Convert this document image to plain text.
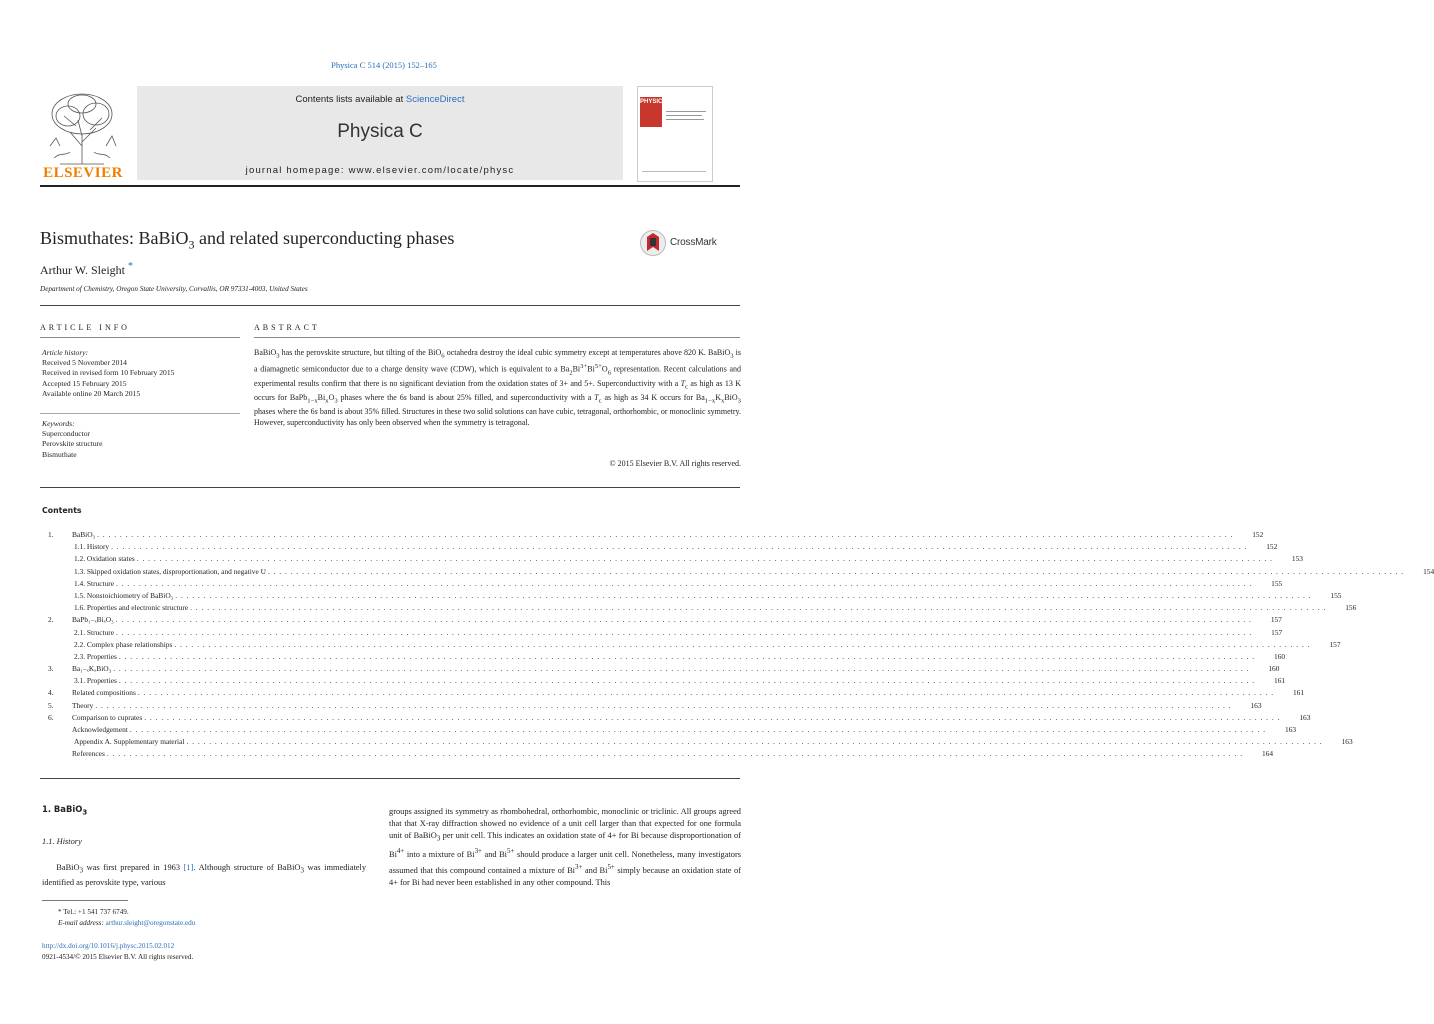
Physica C 514 (2015) 152–165
Contents lists available at ScienceDirect
Physica C
journal homepage: www.elsevier.com/locate/physc
ELSEVIER
PHYSICA
Bismuthates: BaBiO$_3$ and related superconducting phases	CrossMark
Arthur W. Sleight *
Department of Chemistry, Oregon State University, Corvallis, OR 97331-4003, United States
ARTICLE INFO	ABSTRACT
Article history:
Received 5 November 2014
Received in revised form 10 February 2015
Accepted 15 February 2015
Available online 20 March 2015
Keywords:
Superconductor
Perovskite structure
Bismuthate
BaBiO$_3$ has the perovskite structure, but tilting of the BiO$_6$ octahedra destroy the ideal cubic symmetry except at temperatures above 820 K. BaBiO$_3$ is a diamagnetic semiconductor due to a charge density wave (CDW), which is equivalent to a $Ba_2Bi^{3+}Bi^{5+}O_6$ representation. Recent calculations and experimental results confirm that there is no significant deviation from the oxidation states of 3+ and 5+. Superconductivity with a $T_c$ as high as 13 K occurs for $BaPb_{1-x}Bi_xO_3$ phases where the 6s band is about 25% filled, and superconductivity with a $T_c$ as high as 34 K occurs for $Ba_{1-x}K_xBiO_3$ phases where the 6s band is about 35% filled. Structures in these two solid solutions can have cubic, tetragonal, orthorhombic, or monoclinic symmetry. However, superconductivity has only been observed when the symmetry is tetragonal.
© 2015 Elsevier B.V. All rights reserved.
Contents
1.	BaBiO₃ . . . . . . . . . . . . . . . . . . . . . . . . . . . . . . . . . . . . . . . . . . . . . . . . . . . . . . . . . . . . . . . . . . . . . . . . . . . . . . . . . . . . . . . . . . . . . . . . . . . . . . . . . . . . . . . . . . . . . . . . . . . . . . . . . . . . . . . . . . . . . . . . . . . . . . . . . . . . . . . . . . . . . . . . . . . . . . . . . . . . . . . . . . . . . . . . . . . . . . . .	152
1.1. History . . . . . . . . . . . . . . . . . . . . . . . . . . . . . . . . . . . . . . . . . . . . . . . . . . . . . . . . . . . . . . . . . . . . . . . . . . . . . . . . . . . . . . . . . . . . . . . . . . . . . . . . . . . . . . . . . . . . . . . . . . . . . . . . . . . . . . . . . . . . . . . . . . . . . . . . . . . . . . . . . . . . . . . . . . . . . . . . . . . . . . . . . . . . . . . . . . . . . . . .	152
1.2. Oxidation states . . . . . . . . . . . . . . . . . . . . . . . . . . . . . . . . . . . . . . . . . . . . . . . . . . . . . . . . . . . . . . . . . . . . . . . . . . . . . . . . . . . . . . . . . . . . . . . . . . . . . . . . . . . . . . . . . . . . . . . . . . . . . . . . . . . . . . . . . . . . . . . . . . . . . . . . . . . . . . . . . . . . . . . . . . . . . . . . . . . . . . . . . . . . . . . . . . . . . . . .	153
1.3. Skipped oxidation states, disproportionation, and negative U . . . . . . . . . . . . . . . . . . . . . . . . . . . . . . . . . . . . . . . . . . . . . . . . . . . . . . . . . . . . . . . . . . . . . . . . . . . . . . . . . . . . . . . . . . . . . . . . . . . . . . . . . . . . . . . . . . . . . . . . . . . . . . . . . . . . . . . . . . . . . . . . . . . . . . . . . . . . . . . . . . . . . . . . . . . . . . . . . . . . . . . . . . . . . . . . . . . . . . . .	154
1.4. Structure . . . . . . . . . . . . . . . . . . . . . . . . . . . . . . . . . . . . . . . . . . . . . . . . . . . . . . . . . . . . . . . . . . . . . . . . . . . . . . . . . . . . . . . . . . . . . . . . . . . . . . . . . . . . . . . . . . . . . . . . . . . . . . . . . . . . . . . . . . . . . . . . . . . . . . . . . . . . . . . . . . . . . . . . . . . . . . . . . . . . . . . . . . . . . . . . . . . . . . . .	155
1.5. Nonstoichiometry of BaBiO₃ . . . . . . . . . . . . . . . . . . . . . . . . . . . . . . . . . . . . . . . . . . . . . . . . . . . . . . . . . . . . . . . . . . . . . . . . . . . . . . . . . . . . . . . . . . . . . . . . . . . . . . . . . . . . . . . . . . . . . . . . . . . . . . . . . . . . . . . . . . . . . . . . . . . . . . . . . . . . . . . . . . . . . . . . . . . . . . . . . . . . . . . . . . . . . . . . . . . . . . . .	155
1.6. Properties and electronic structure . . . . . . . . . . . . . . . . . . . . . . . . . . . . . . . . . . . . . . . . . . . . . . . . . . . . . . . . . . . . . . . . . . . . . . . . . . . . . . . . . . . . . . . . . . . . . . . . . . . . . . . . . . . . . . . . . . . . . . . . . . . . . . . . . . . . . . . . . . . . . . . . . . . . . . . . . . . . . . . . . . . . . . . . . . . . . . . . . . . . . . . . . . . . . . . . . . . . . . . .	156
2.	BaPb₁₋ₓBiₓO₃ . . . . . . . . . . . . . . . . . . . . . . . . . . . . . . . . . . . . . . . . . . . . . . . . . . . . . . . . . . . . . . . . . . . . . . . . . . . . . . . . . . . . . . . . . . . . . . . . . . . . . . . . . . . . . . . . . . . . . . . . . . . . . . . . . . . . . . . . . . . . . . . . . . . . . . . . . . . . . . . . . . . . . . . . . . . . . . . . . . . . . . . . . . . . . . . . . . . . . . . .	157
2.1. Structure . . . . . . . . . . . . . . . . . . . . . . . . . . . . . . . . . . . . . . . . . . . . . . . . . . . . . . . . . . . . . . . . . . . . . . . . . . . . . . . . . . . . . . . . . . . . . . . . . . . . . . . . . . . . . . . . . . . . . . . . . . . . . . . . . . . . . . . . . . . . . . . . . . . . . . . . . . . . . . . . . . . . . . . . . . . . . . . . . . . . . . . . . . . . . . . . . . . . . . . .	157
2.2. Complex phase relationships . . . . . . . . . . . . . . . . . . . . . . . . . . . . . . . . . . . . . . . . . . . . . . . . . . . . . . . . . . . . . . . . . . . . . . . . . . . . . . . . . . . . . . . . . . . . . . . . . . . . . . . . . . . . . . . . . . . . . . . . . . . . . . . . . . . . . . . . . . . . . . . . . . . . . . . . . . . . . . . . . . . . . . . . . . . . . . . . . . . . . . . . . . . . . . . . . . . . . . . .	157
2.3. Properties . . . . . . . . . . . . . . . . . . . . . . . . . . . . . . . . . . . . . . . . . . . . . . . . . . . . . . . . . . . . . . . . . . . . . . . . . . . . . . . . . . . . . . . . . . . . . . . . . . . . . . . . . . . . . . . . . . . . . . . . . . . . . . . . . . . . . . . . . . . . . . . . . . . . . . . . . . . . . . . . . . . . . . . . . . . . . . . . . . . . . . . . . . . . . . . . . . . . . . . .	160
3.	Ba₁₋ₓKₓBiO₃ . . . . . . . . . . . . . . . . . . . . . . . . . . . . . . . . . . . . . . . . . . . . . . . . . . . . . . . . . . . . . . . . . . . . . . . . . . . . . . . . . . . . . . . . . . . . . . . . . . . . . . . . . . . . . . . . . . . . . . . . . . . . . . . . . . . . . . . . . . . . . . . . . . . . . . . . . . . . . . . . . . . . . . . . . . . . . . . . . . . . . . . . . . . . . . . . . . . . . . . .	160
3.1. Properties . . . . . . . . . . . . . . . . . . . . . . . . . . . . . . . . . . . . . . . . . . . . . . . . . . . . . . . . . . . . . . . . . . . . . . . . . . . . . . . . . . . . . . . . . . . . . . . . . . . . . . . . . . . . . . . . . . . . . . . . . . . . . . . . . . . . . . . . . . . . . . . . . . . . . . . . . . . . . . . . . . . . . . . . . . . . . . . . . . . . . . . . . . . . . . . . . . . . . . . .	161
4.	Related compositions . . . . . . . . . . . . . . . . . . . . . . . . . . . . . . . . . . . . . . . . . . . . . . . . . . . . . . . . . . . . . . . . . . . . . . . . . . . . . . . . . . . . . . . . . . . . . . . . . . . . . . . . . . . . . . . . . . . . . . . . . . . . . . . . . . . . . . . . . . . . . . . . . . . . . . . . . . . . . . . . . . . . . . . . . . . . . . . . . . . . . . . . . . . . . . . . . . . . . . . .	161
5.	Theory . . . . . . . . . . . . . . . . . . . . . . . . . . . . . . . . . . . . . . . . . . . . . . . . . . . . . . . . . . . . . . . . . . . . . . . . . . . . . . . . . . . . . . . . . . . . . . . . . . . . . . . . . . . . . . . . . . . . . . . . . . . . . . . . . . . . . . . . . . . . . . . . . . . . . . . . . . . . . . . . . . . . . . . . . . . . . . . . . . . . . . . . . . . . . . . . . . . . . . . .	163
6.	Comparison to cuprates . . . . . . . . . . . . . . . . . . . . . . . . . . . . . . . . . . . . . . . . . . . . . . . . . . . . . . . . . . . . . . . . . . . . . . . . . . . . . . . . . . . . . . . . . . . . . . . . . . . . . . . . . . . . . . . . . . . . . . . . . . . . . . . . . . . . . . . . . . . . . . . . . . . . . . . . . . . . . . . . . . . . . . . . . . . . . . . . . . . . . . . . . . . . . . . . . . . . . . . .	163
Acknowledgement . . . . . . . . . . . . . . . . . . . . . . . . . . . . . . . . . . . . . . . . . . . . . . . . . . . . . . . . . . . . . . . . . . . . . . . . . . . . . . . . . . . . . . . . . . . . . . . . . . . . . . . . . . . . . . . . . . . . . . . . . . . . . . . . . . . . . . . . . . . . . . . . . . . . . . . . . . . . . . . . . . . . . . . . . . . . . . . . . . . . . . . . . . . . . . . . . . . . . . . .	163
Appendix A. Supplementary material . . . . . . . . . . . . . . . . . . . . . . . . . . . . . . . . . . . . . . . . . . . . . . . . . . . . . . . . . . . . . . . . . . . . . . . . . . . . . . . . . . . . . . . . . . . . . . . . . . . . . . . . . . . . . . . . . . . . . . . . . . . . . . . . . . . . . . . . . . . . . . . . . . . . . . . . . . . . . . . . . . . . . . . . . . . . . . . . . . . . . . . . . . . . . . . . . . . . . . . .	163
References . . . . . . . . . . . . . . . . . . . . . . . . . . . . . . . . . . . . . . . . . . . . . . . . . . . . . . . . . . . . . . . . . . . . . . . . . . . . . . . . . . . . . . . . . . . . . . . . . . . . . . . . . . . . . . . . . . . . . . . . . . . . . . . . . . . . . . . . . . . . . . . . . . . . . . . . . . . . . . . . . . . . . . . . . . . . . . . . . . . . . . . . . . . . . . . . . . . . . . . .	164
1. BaBiO$_3$
1.1. History
BaBiO$_3$ was first prepared in 1963 [1]. Although structure of BaBiO$_3$ was immediately identified as perovskite type, various
groups assigned its symmetry as rhombohedral, orthorhombic, monoclinic or triclinic. All groups agreed that that X-ray diffraction showed no evidence of a unit cell larger than that expected for one formula unit of BaBiO$_3$ per unit cell. This indicates an oxidation state of 4+ for Bi because disproportionation of $Bi^{4+}$ into a mixture of $Bi^{3+}$ and $Bi^{5+}$ should produce a larger unit cell. Nonetheless, many investigators assumed that this compound contained a mixture of $Bi^{3+}$ and $Bi^{5+}$ simply because an oxidation state of 4+ for Bi had never been established in any other compound. This
* Tel.: +1 541 737 6749.
E-mail address: arthur.sleight@oregonstate.edu
http://dx.doi.org/10.1016/j.physc.2015.02.012
0921-4534/© 2015 Elsevier B.V. All rights reserved.
